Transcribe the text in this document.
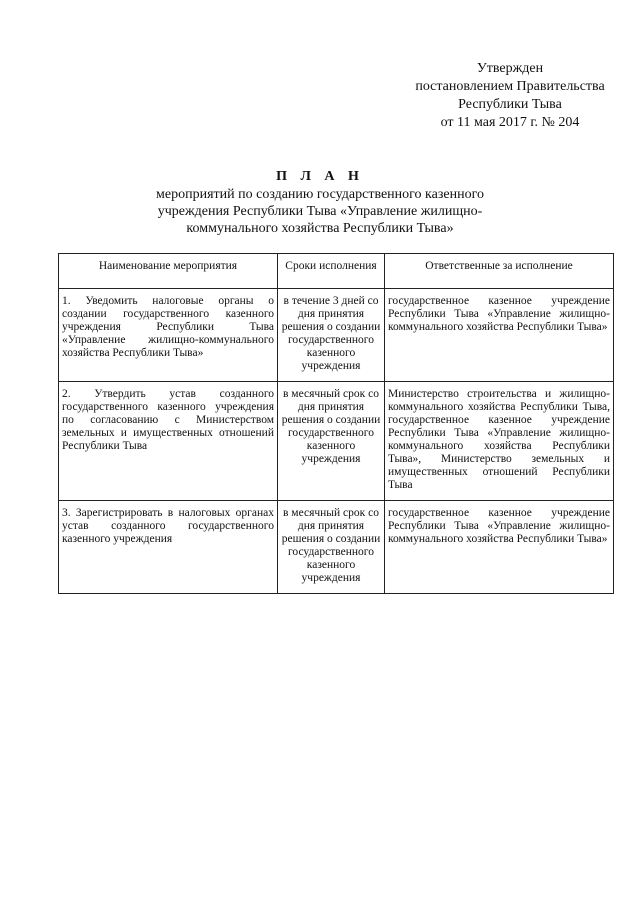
Утвержден
постановлением Правительства
Республики Тыва
от 11 мая 2017 г. № 204
П Л А Н
мероприятий по созданию государственного казенного
учреждения Республики Тыва «Управление жилищно-
коммунального хозяйства Республики Тыва»
Наименование мероприятия	Сроки исполнения	Ответственные за исполнение
1. Уведомить налоговые органы о создании государственного казенного учреждения Республики Тыва «Управление жилищно-коммунального хозяйства Республики Тыва»	в течение 3 дней со дня принятия решения о создании государственного казенного учреждения	государственное казенное учреждение Республики Тыва «Управление жилищно-коммунального хозяйства Республики Тыва»
2. Утвердить устав созданного государственного казенного учреждения по согласованию с Министерством земельных и имущественных отношений Республики Тыва	в месячный срок со дня принятия решения о создании государственного казенного учреждения	Министерство строительства и жилищно-коммунального хозяйства Республики Тыва, государственное казенное учреждение Республики Тыва «Управление жилищно-коммунального хозяйства Республики Тыва», Министерство земельных и имущественных отношений Республики Тыва
3. Зарегистрировать в налоговых органах устав созданного государственного казенного учреждения	в месячный срок со дня принятия решения о создании государственного казенного учреждения	государственное казенное учреждение Республики Тыва «Управление жилищно-коммунального хозяйства Республики Тыва»
